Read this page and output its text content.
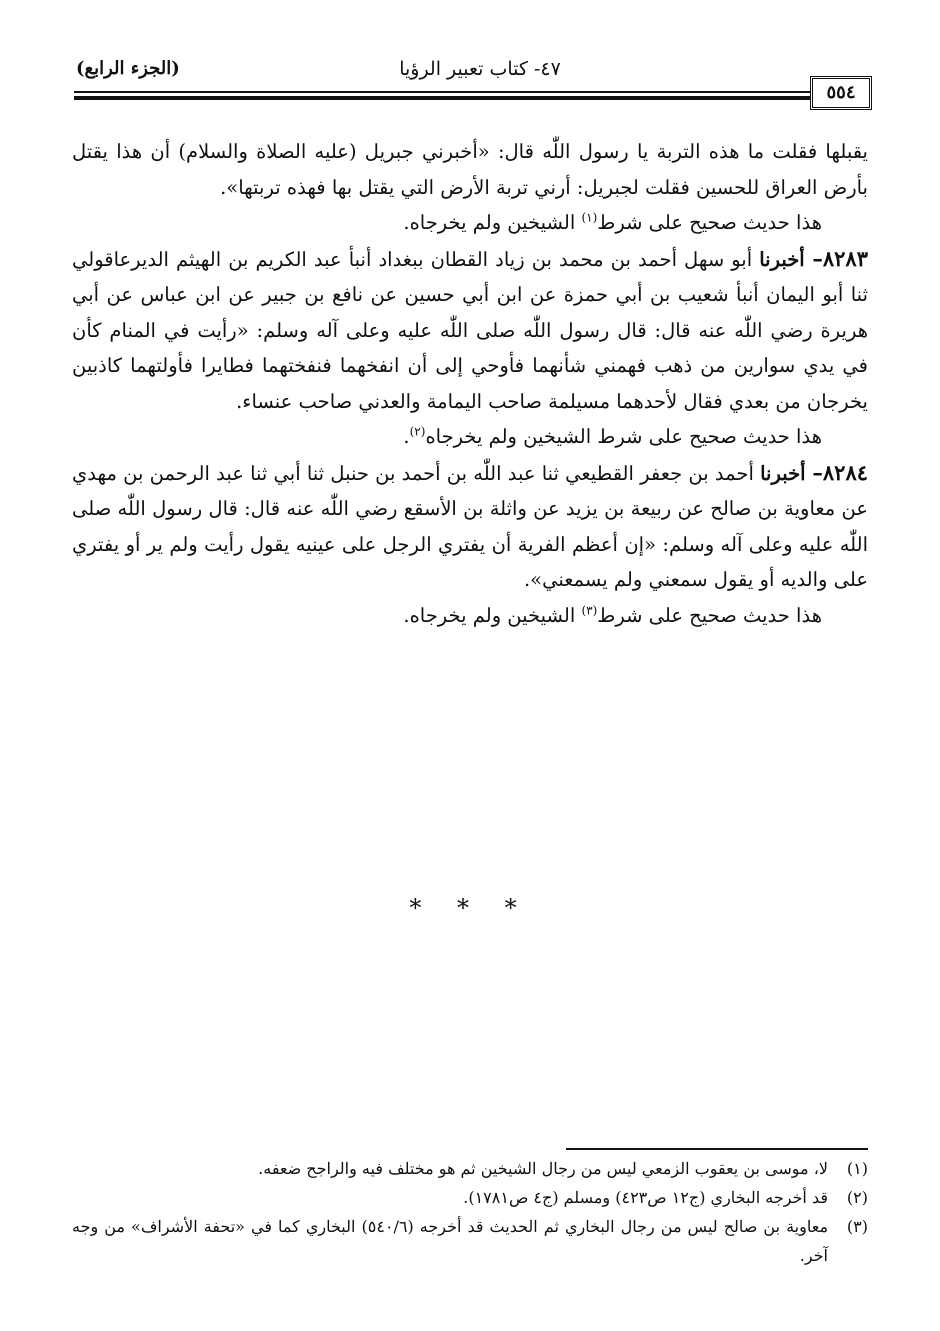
(الجزء الرابع)	٤٧- كتاب تعبير الرؤيا
٥٥٤

يقبلها فقلت ما هذه التربة يا رسول اللّٰه قال: «أخبرني جبريل (عليه الصلاة والسلام) أن هذا يقتل بأرض العراق للحسين فقلت لجبريل: أرني تربة الأرض التي يقتل بها فهذه تربتها».

هذا حديث صحيح على شرط$^{(١)}$ الشيخين ولم يخرجاه.

٨٢٨٣– أخبرنا أبو سهل أحمد بن محمد بن زياد القطان ببغداد أنبأ عبد الكريم بن الهيثم الديرعاقولي ثنا أبو اليمان أنبأ شعيب بن أبي حمزة عن ابن أبي حسين عن نافع بن جبير عن ابن عباس عن أبي هريرة رضي اللّٰه عنه قال: قال رسول اللّٰه صلى اللّٰه عليه وعلى آله وسلم: «رأيت في المنام كأن في يدي سوارين من ذهب فهمني شأنهما فأوحي إلى أن انفخهما فنفختهما فطايرا فأولتهما كاذبين يخرجان من بعدي فقال لأحدهما مسيلمة صاحب اليمامة والعدني صاحب عنساء.

هذا حديث صحيح على شرط الشيخين ولم يخرجاه$^{(٢)}$.

٨٢٨٤– أخبرنا أحمد بن جعفر القطيعي ثنا عبد اللّٰه بن أحمد بن حنبل ثنا أبي ثنا عبد الرحمن بن مهدي عن معاوية بن صالح عن ربيعة بن يزيد عن واثلة بن الأسقع رضي اللّٰه عنه قال: قال رسول اللّٰه صلى اللّٰه عليه وعلى آله وسلم: «إن أعظم الفرية أن يفتري الرجل على عينيه يقول رأيت ولم ير أو يفتري على والديه أو يقول سمعني ولم يسمعني».

هذا حديث صحيح على شرط$^{(٣)}$ الشيخين ولم يخرجاه.

* * *
(١)
لا، موسى بن يعقوب الزمعي ليس من رجال الشيخين ثم هو مختلف فيه والراجح ضعفه.
(٢)
قد أخرجه البخاري (ج١٢ ص٤٢٣) ومسلم (ج٤ ص١٧٨١).
(٣)
معاوية بن صالح ليس من رجال البخاري ثم الحديث قد أخرجه (٥٤٠/٦) البخاري كما في «تحفة الأشراف» من وجه آخر.
